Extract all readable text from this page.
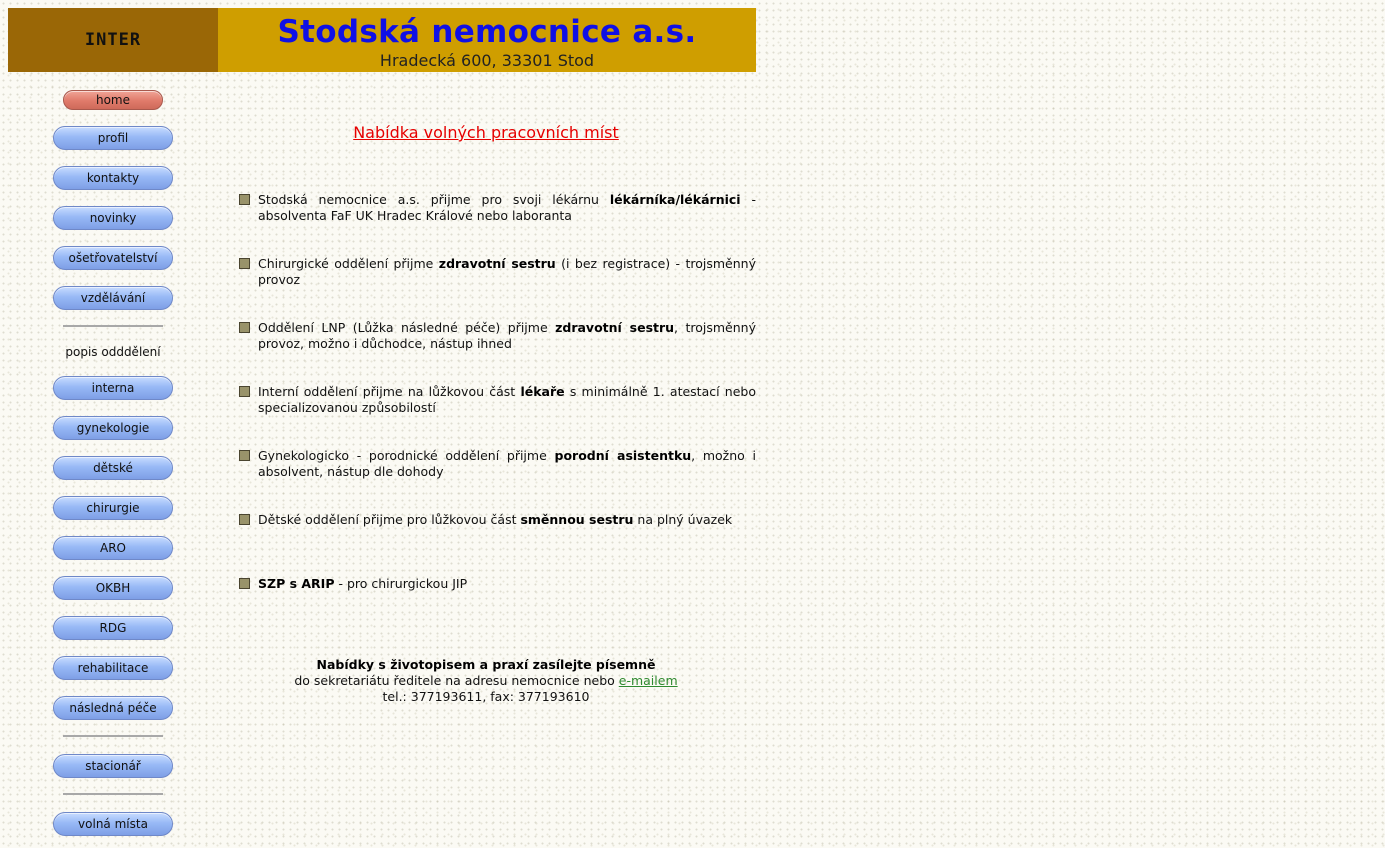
INTER	Stodská nemocnice a.s.
Hradecká 600, 33301 Stod
home
profil
kontakty
novinky
ošetřovatelství
vzdělávání
popis odddělení
interna
gynekologie
dětské
chirurgie
ARO
OKBH
RDG
rehabilitace
následná péče
stacionář
volná místa
Nabídka volných pracovních míst
Stodská nemocnice a.s. přijme pro svoji lékárnu lékárníka/lékárnici - absolventa FaF UK Hradec Králové nebo laboranta
Chirurgické oddělení přijme zdravotní sestru (i bez registrace) - trojsměnný provoz
Oddělení LNP (Lůžka následné péče) přijme zdravotní sestru, trojsměnný provoz, možno i důchodce, nástup ihned
Interní oddělení přijme na lůžkovou část lékaře s minimálně 1. atestací nebo specializovanou způsobilostí
Gynekologicko - porodnické oddělení přijme porodní asistentku, možno i absolvent, nástup dle dohody
Dětské oddělení přijme pro lůžkovou část směnnou sestru na plný úvazek
SZP s ARIP - pro chirurgickou JIP
Nabídky s životopisem a praxí zasílejte písemně
do sekretariátu ředitele na adresu nemocnice nebo e-mailem
tel.: 377193611, fax: 377193610
